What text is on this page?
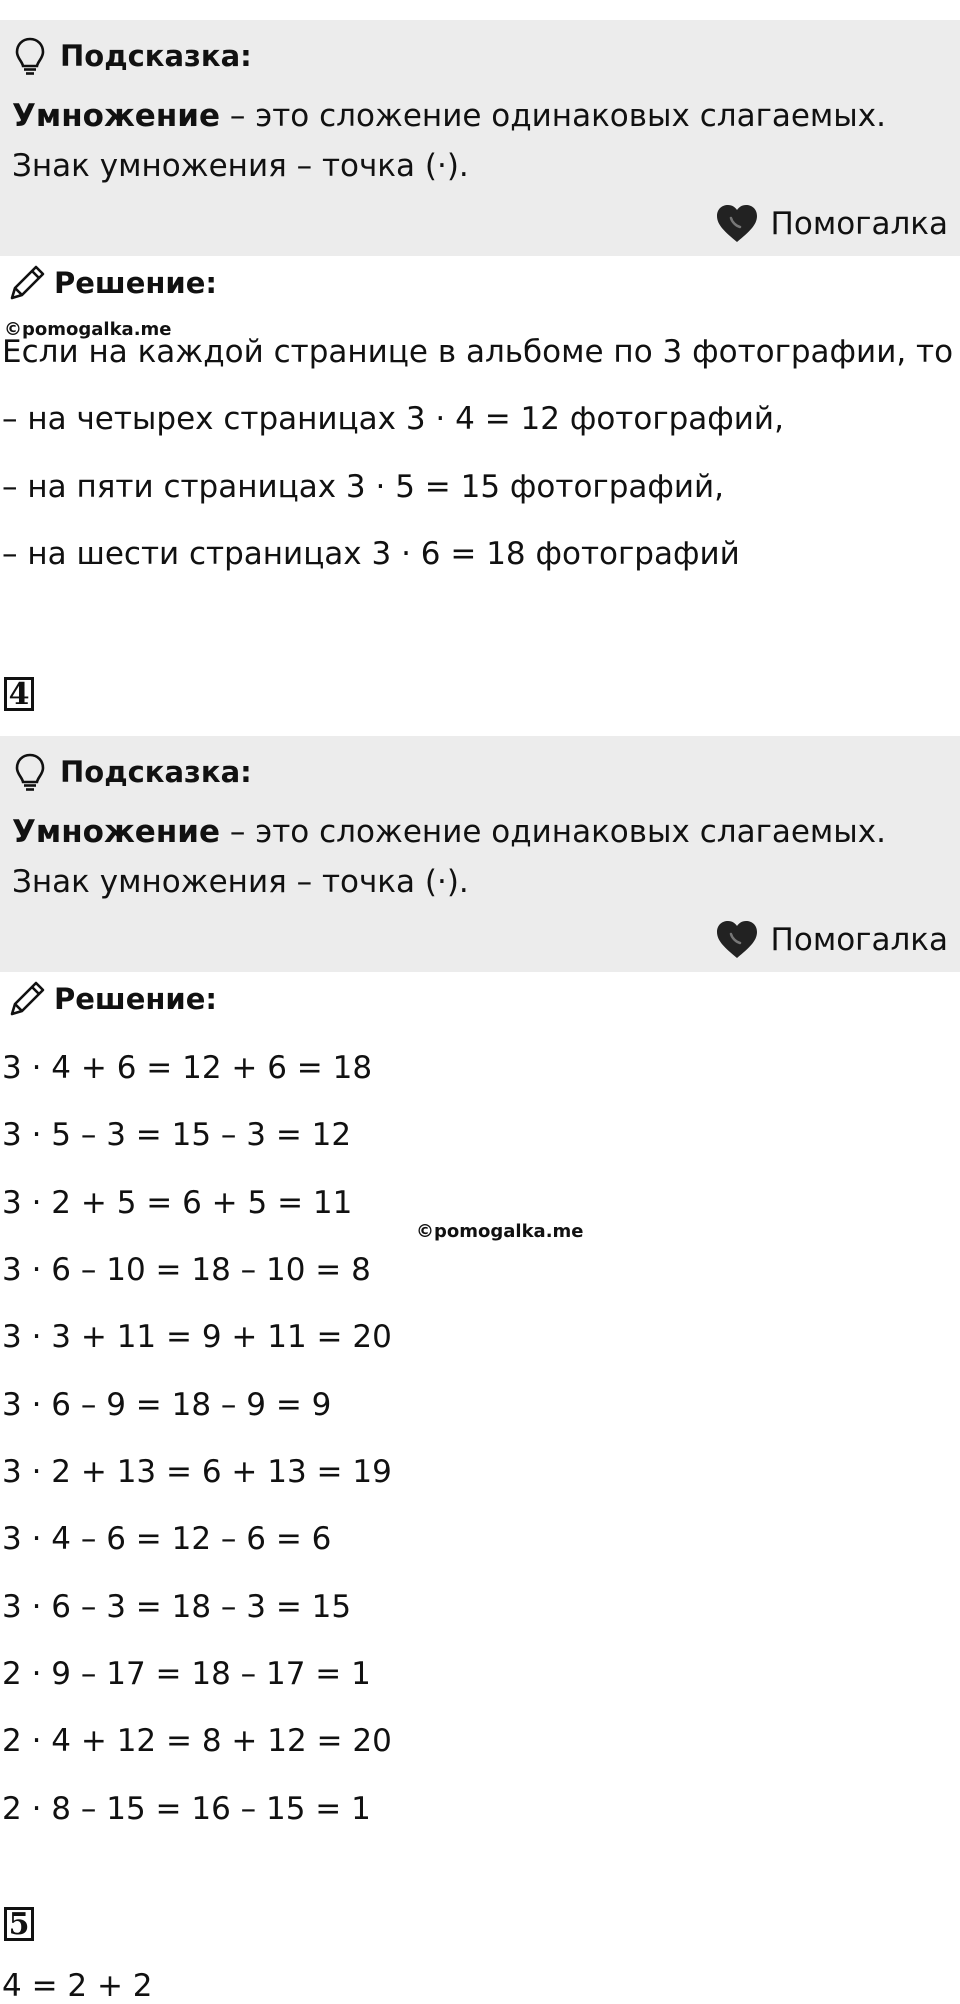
Подсказка:
Умножение – это сложение одинаковых слагаемых.
Знак умножения – точка (·).
Помогалка
Решение:
©pomogalka.me
Если на каждой странице в альбоме по 3 фотографии, то
– на четырех страницах 3 · 4 = 12 фотографий,
– на пяти страницах 3 · 5 = 15 фотографий,
– на шести страницах 3 · 6 = 18 фотографий
4
Подсказка:
Умножение – это сложение одинаковых слагаемых.
Знак умножения – точка (·).
Помогалка
Решение:
3 · 4 + 6 = 12 + 6 = 18
3 · 5 – 3 = 15 – 3 = 12
3 · 2 + 5 = 6 + 5 = 11
©pomogalka.me
3 · 6 – 10 = 18 – 10 = 8
3 · 3 + 11 = 9 + 11 = 20
3 · 6 – 9 = 18 – 9 = 9
3 · 2 + 13 = 6 + 13 = 19
3 · 4 – 6 = 12 – 6 = 6
3 · 6 – 3 = 18 – 3 = 15
2 · 9 – 17 = 18 – 17 = 1
2 · 4 + 12 = 8 + 12 = 20
2 · 8 – 15 = 16 – 15 = 1
5
4 = 2 + 2
